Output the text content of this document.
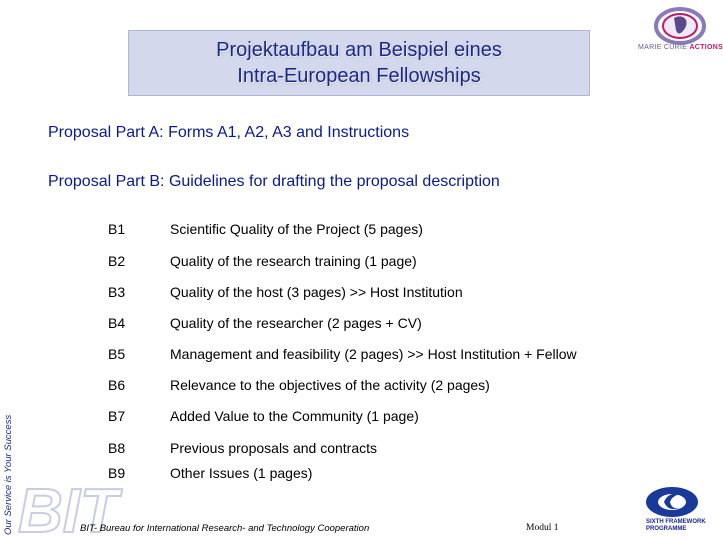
Projektaufbau am Beispiel eines
Intra-European Fellowships
MARIE CURIE ACTIONS
Proposal Part A: Forms A1, A2, A3 and Instructions
Proposal Part B: Guidelines for drafting the proposal description
B1	Scientific Quality of the Project (5 pages)
B2	Quality of the research training (1 page)
B3	Quality of the host (3 pages) >> Host Institution
B4	Quality of the researcher (2 pages + CV)
B5	Management and feasibility (2 pages) >> Host Institution + Fellow
B6	Relevance to the objectives of the activity (2 pages)
B7	Added Value to the Community (1 page)
B8	Previous proposals and contracts
B9	Other Issues (1 pages)
Our Service is Your Success BIT
BIT- Bureau for International Research- and Technology Cooperation	Modul 1
SIXTH FRAMEWORK
PROGRAMME
